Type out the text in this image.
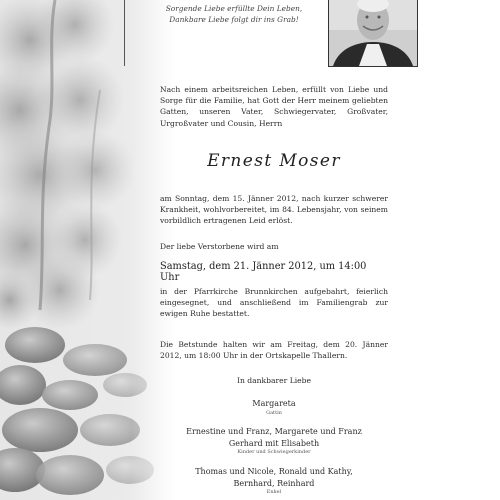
Sorgende Liebe erfüllte Dein Leben,
Dankbare Liebe folgt dir ins Grab!
Nach einem arbeitsreichen Leben, erfüllt von Liebe und Sorge für die Familie, hat Gott der Herr meinem geliebten Gatten, unseren Vater, Schwiegervater, Großvater, Urgroßvater und Cousin, Herrn
Ernest Moser
am Sonntag, dem 15. Jänner 2012, nach kurzer schwerer Krankheit, wohlvorbereitet, im 84. Lebensjahr, von seinem vorbildlich ertragenen Leid erlöst.
Der liebe Verstorbene wird am
Samstag, dem 21. Jänner 2012, um 14:00 Uhr
in der Pfarrkirche Brunnkirchen aufgebahrt, feierlich eingesegnet, und anschließend im Familiengrab zur ewigen Ruhe bestattet.
Die Betstunde halten wir am Freitag, dem 20. Jänner 2012, um 18:00 Uhr in der Ortskapelle Thallern.
In dankbarer Liebe
Margareta
Gattin
Ernestine und Franz, Margarete und Franz
Gerhard mit Elisabeth
Kinder und Schwiegerkinder
Thomas und Nicole, Ronald und Kathy,
Bernhard, Reinhard
Enkel
